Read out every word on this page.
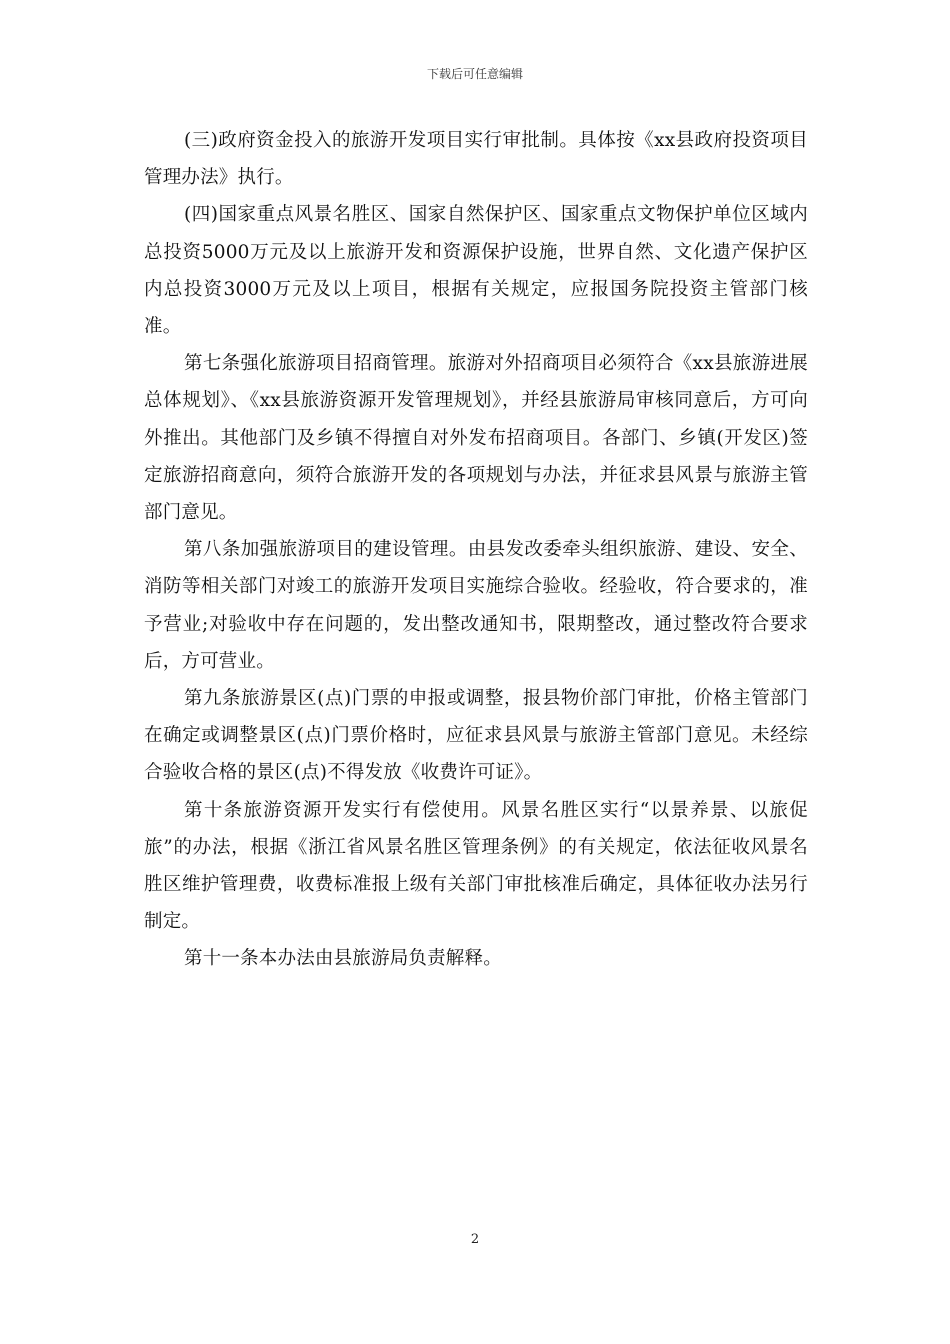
下载后可任意编辑

(三)政府资金投入的旅游开发项目实行审批制。具体按《xx县政府投资项目管理办法》执行。

(四)国家重点风景名胜区、国家自然保护区、国家重点文物保护单位区域内总投资5000万元及以上旅游开发和资源保护设施，世界自然、文化遗产保护区内总投资3000万元及以上项目，根据有关规定，应报国务院投资主管部门核准。

第七条强化旅游项目招商管理。旅游对外招商项目必须符合《xx县旅游进展总体规划》、《xx县旅游资源开发管理规划》，并经县旅游局审核同意后，方可向外推出。其他部门及乡镇不得擅自对外发布招商项目。各部门、乡镇(开发区)签定旅游招商意向，须符合旅游开发的各项规划与办法，并征求县风景与旅游主管部门意见。

第八条加强旅游项目的建设管理。由县发改委牵头组织旅游、建设、安全、消防等相关部门对竣工的旅游开发项目实施综合验收。经验收，符合要求的，准予营业;对验收中存在问题的，发出整改通知书，限期整改，通过整改符合要求后，方可营业。

第九条旅游景区(点)门票的申报或调整，报县物价部门审批，价格主管部门在确定或调整景区(点)门票价格时，应征求县风景与旅游主管部门意见。未经综合验收合格的景区(点)不得发放《收费许可证》。

第十条旅游资源开发实行有偿使用。风景名胜区实行“以景养景、以旅促旅”的办法，根据《浙江省风景名胜区管理条例》的有关规定，依法征收风景名胜区维护管理费，收费标准报上级有关部门审批核准后确定，具体征收办法另行制定。

第十一条本办法由县旅游局负责解释。

2
